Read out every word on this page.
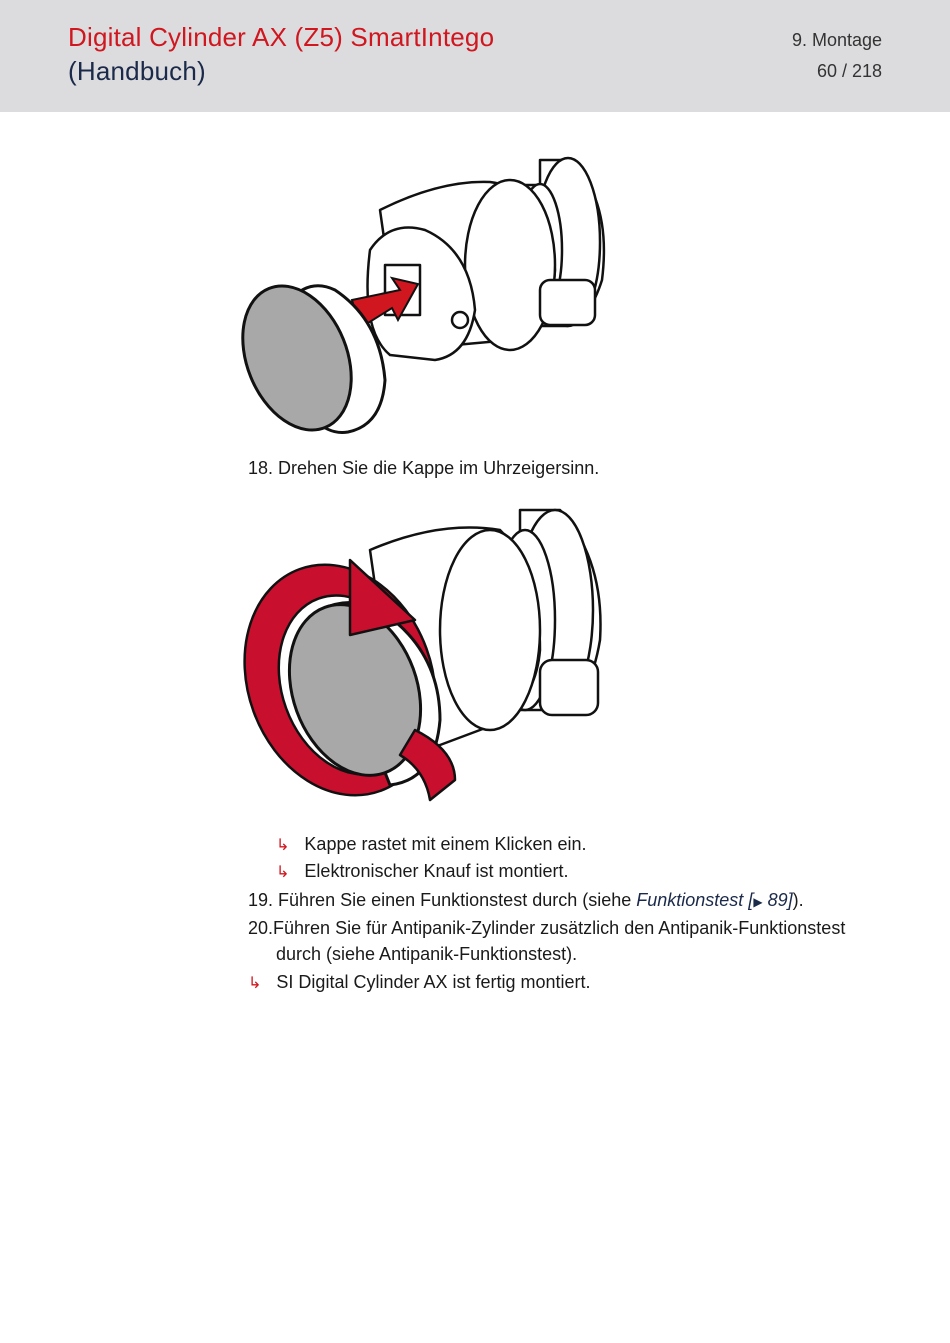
Digital Cylinder AX (Z5) SmartIntego
(Handbuch)
9. Montage
60 / 218
18. Drehen Sie die Kappe im Uhrzeigersinn.
↳ Kappe rastet mit einem Klicken ein.
↳ Elektronischer Knauf ist montiert.
19. Führen Sie einen Funktionstest durch (siehe Funktionstest [▶ 89]).
20.Führen Sie für Antipanik-Zylinder zusätzlich den Antipanik-Funktionstest
durch (siehe Antipanik-Funktionstest).
↳ SI Digital Cylinder AX ist fertig montiert.
